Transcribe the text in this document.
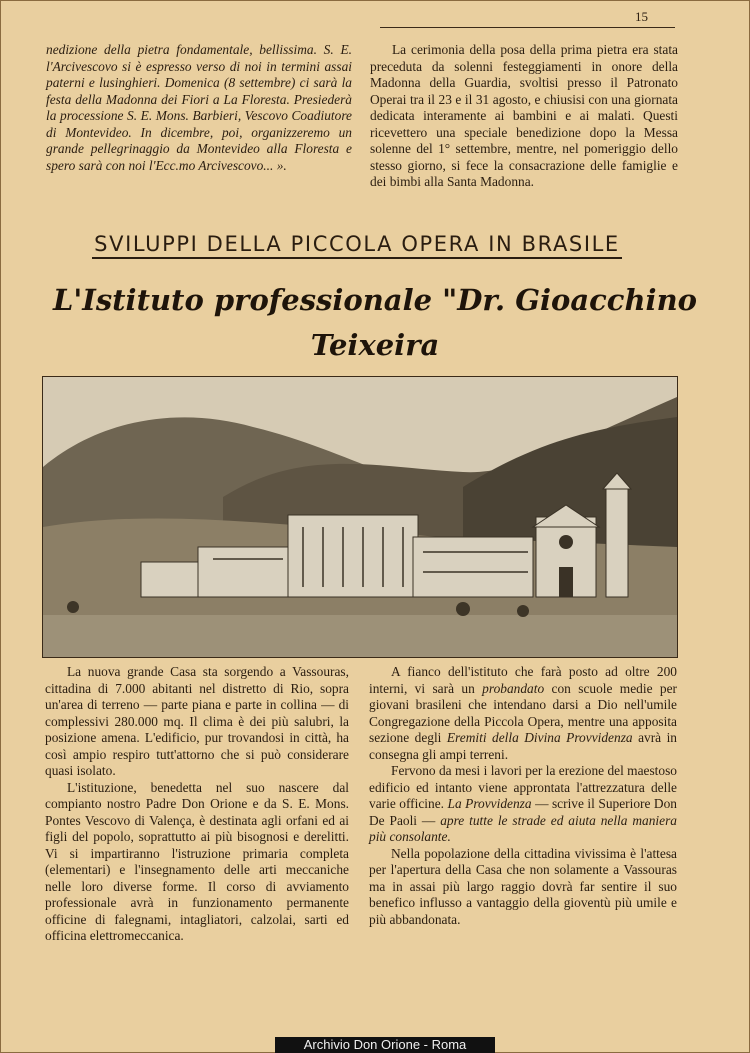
15

nedizione della pietra fondamentale, bellissima. S. E. l'Arcivescovo si è espresso verso di noi in termini assai paterni e lusinghieri. Domenica (8 settembre) ci sarà la festa della Madonna dei Fiori a La Floresta. Presiederà la processione S. E. Mons. Barbieri, Vescovo Coadiutore di Montevideo. In dicembre, poi, organizzeremo un grande pellegrinaggio da Montevideo alla Floresta e spero sarà con noi l'Ecc.mo Arcivescovo... ».

La cerimonia della posa della prima pietra era stata preceduta da solenni festeggiamenti in onore della Madonna della Guardia, svoltisi presso il Patronato Operai tra il 23 e il 31 agosto, e chiusisi con una giornata dedicata interamente ai bambini e ai malati. Questi ricevettero una speciale benedizione dopo la Messa solenne del 1° settembre, mentre, nel pomeriggio dello stesso giorno, si fece la consacrazione delle famiglie e dei bimbi alla Santa Madonna.

SVILUPPI DELLA PICCOLA OPERA IN BRASILE
L'Istituto professionale "Dr. Gioacchino Teixeira

La nuova grande Casa sta sorgendo a Vassouras, cittadina di 7.000 abitanti nel distretto di Rio, sopra un'area di terreno — parte piana e parte in collina — di complessivi 280.000 mq. Il clima è dei più salubri, la posizione amena. L'edificio, pur trovandosi in città, ha così ampio respiro tutt'attorno che si può considerare quasi isolato.

L'istituzione, benedetta nel suo nascere dal compianto nostro Padre Don Orione e da S. E. Mons. Pontes Vescovo di Valença, è destinata agli orfani ed ai figli del popolo, soprattutto ai più bisognosi e derelitti. Vi si impartiranno l'istruzione primaria completa (elementari) e l'insegnamento delle arti meccaniche nelle loro diverse forme. Il corso di avviamento professionale avrà in funzionamento permanente officine di falegnami, intagliatori, calzolai, sarti ed officina elettromeccanica.

A fianco dell'istituto che farà posto ad oltre 200 interni, vi sarà un probandato con scuole medie per giovani brasileni che intendano darsi a Dio nell'umile Congregazione della Piccola Opera, mentre una apposita sezione degli Eremiti della Divina Provvidenza avrà in consegna gli ampi terreni.

Fervono da mesi i lavori per la erezione del maestoso edificio ed intanto viene approntata l'attrezzatura delle varie officine. La Provvidenza — scrive il Superiore Don De Paoli — apre tutte le strade ed aiuta nella maniera più consolante.

Nella popolazione della cittadina vivissima è l'attesa per l'apertura della Casa che non solamente a Vassouras ma in assai più largo raggio dovrà far sentire il suo benefico influsso a vantaggio della gioventù più umile e più abbandonata.

Archivio Don Orione - Roma
